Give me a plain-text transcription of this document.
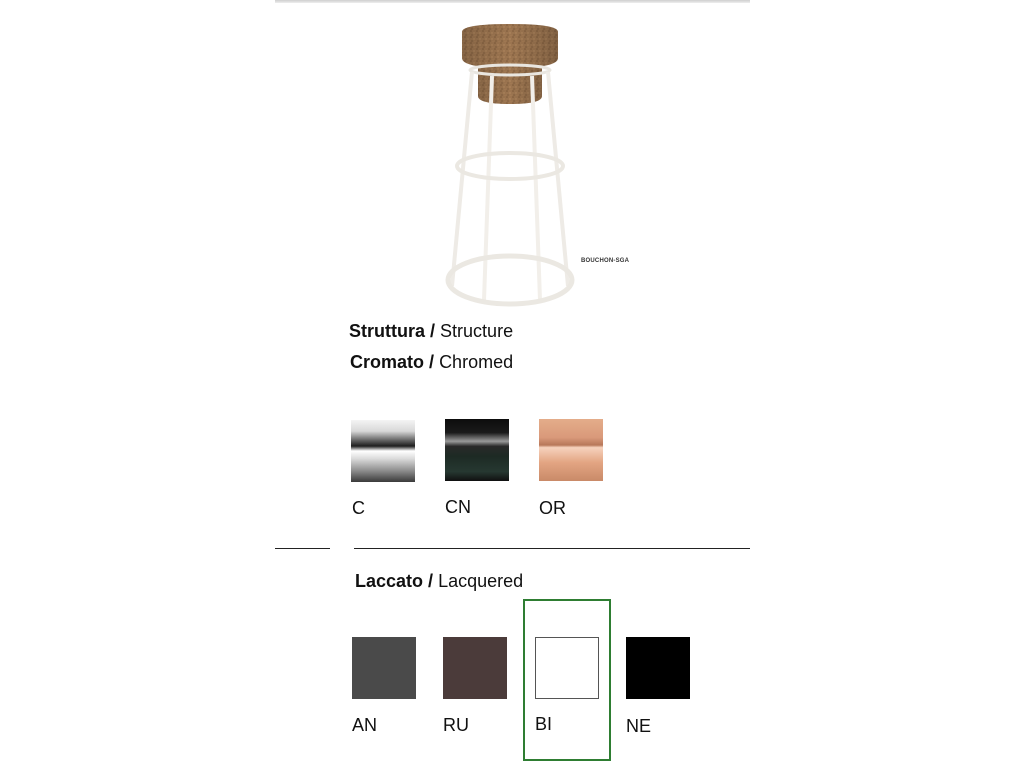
BOUCHON-SGA
Struttura / Structure
Cromato / Chromed
C	CN	OR
Laccato / Lacquered
AN	RU	BI	NE
